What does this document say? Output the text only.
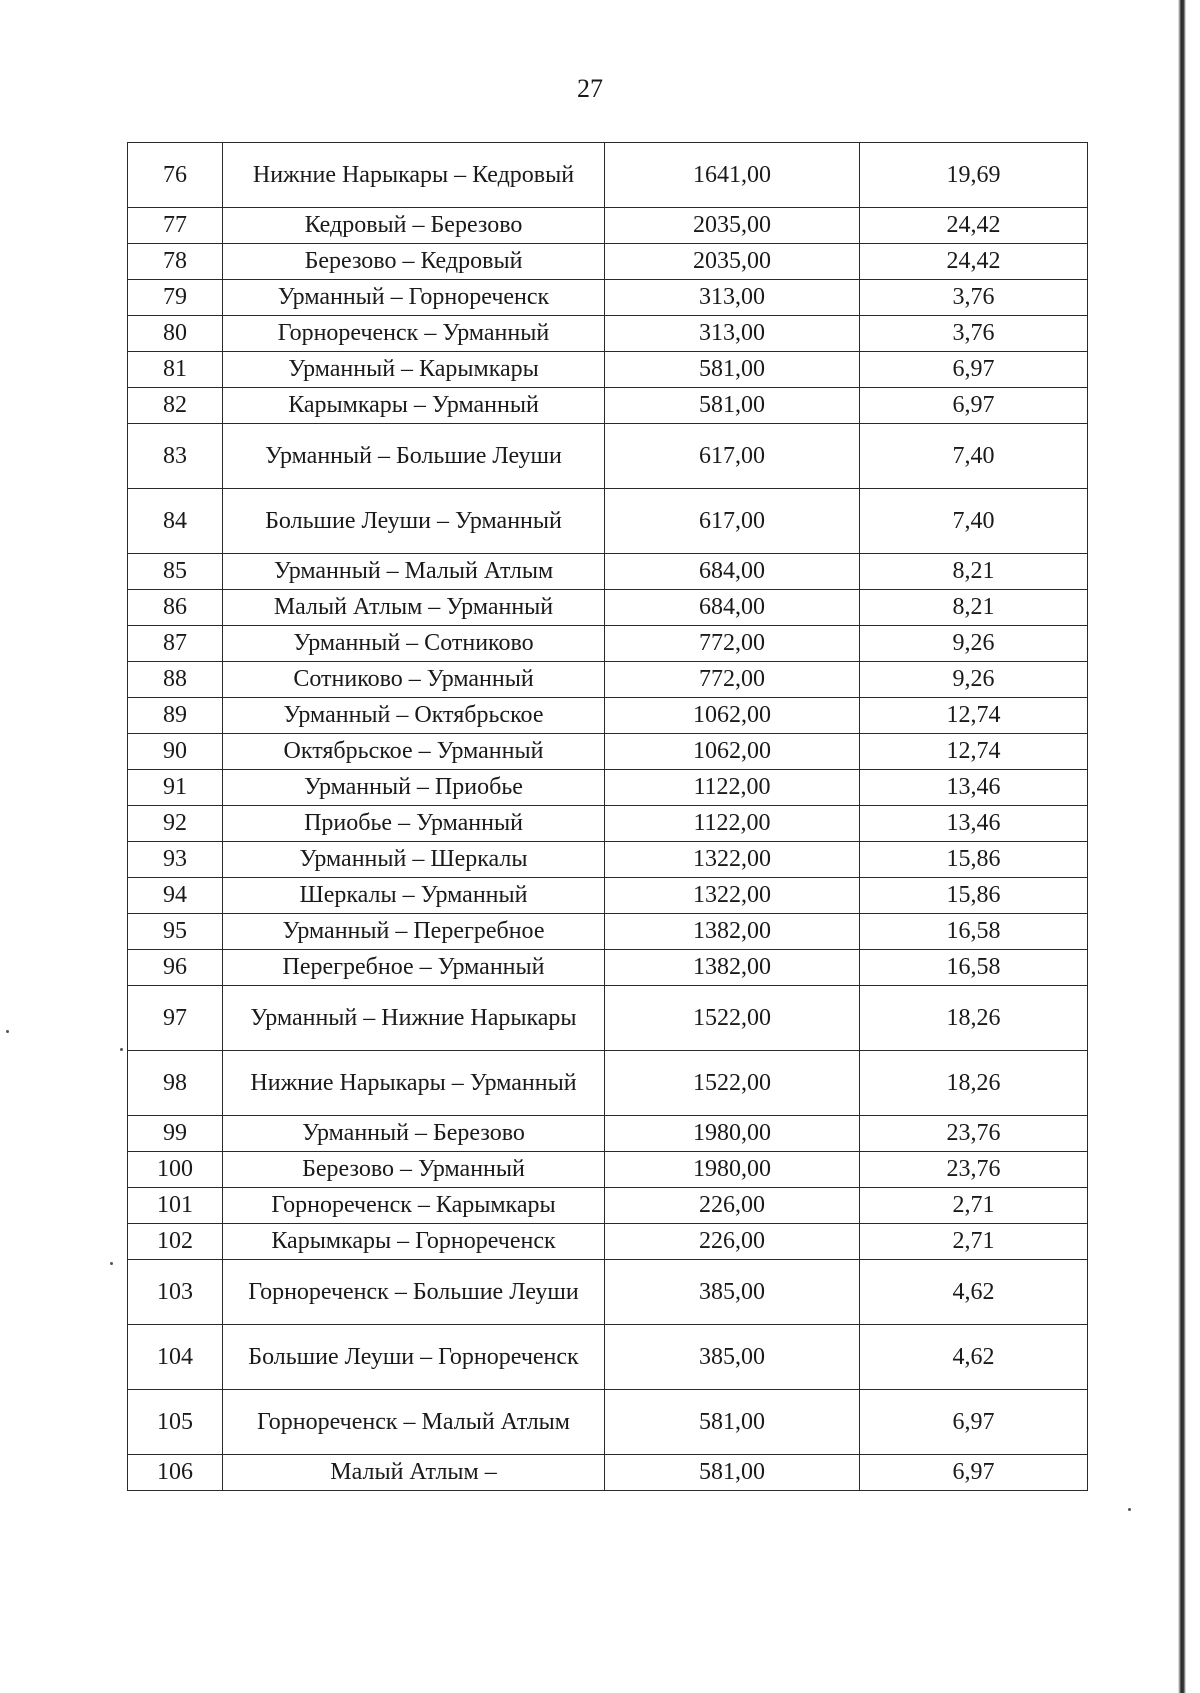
27
76	Нижние Нарыкары – Кедровый	1641,00	19,69
77	Кедровый – Березово	2035,00	24,42
78	Березово – Кедровый	2035,00	24,42
79	Урманный – Горнореченск	313,00	3,76
80	Горнореченск – Урманный	313,00	3,76
81	Урманный – Карымкары	581,00	6,97
82	Карымкары – Урманный	581,00	6,97
83	Урманный – Большие Леуши	617,00	7,40
84	Большие Леуши – Урманный	617,00	7,40
85	Урманный – Малый Атлым	684,00	8,21
86	Малый Атлым – Урманный	684,00	8,21
87	Урманный – Сотниково	772,00	9,26
88	Сотниково – Урманный	772,00	9,26
89	Урманный – Октябрьское	1062,00	12,74
90	Октябрьское – Урманный	1062,00	12,74
91	Урманный – Приобье	1122,00	13,46
92	Приобье – Урманный	1122,00	13,46
93	Урманный – Шеркалы	1322,00	15,86
94	Шеркалы – Урманный	1322,00	15,86
95	Урманный – Перегребное	1382,00	16,58
96	Перегребное – Урманный	1382,00	16,58
97	Урманный – Нижние Нарыкары	1522,00	18,26
98	Нижние Нарыкары – Урманный	1522,00	18,26
99	Урманный – Березово	1980,00	23,76
100	Березово – Урманный	1980,00	23,76
101	Горнореченск – Карымкары	226,00	2,71
102	Карымкары – Горнореченск	226,00	2,71
103	Горнореченск – Большие Леуши	385,00	4,62
104	Большие Леуши – Горнореченск	385,00	4,62
105	Горнореченск – Малый Атлым	581,00	6,97
106	Малый Атлым –	581,00	6,97
